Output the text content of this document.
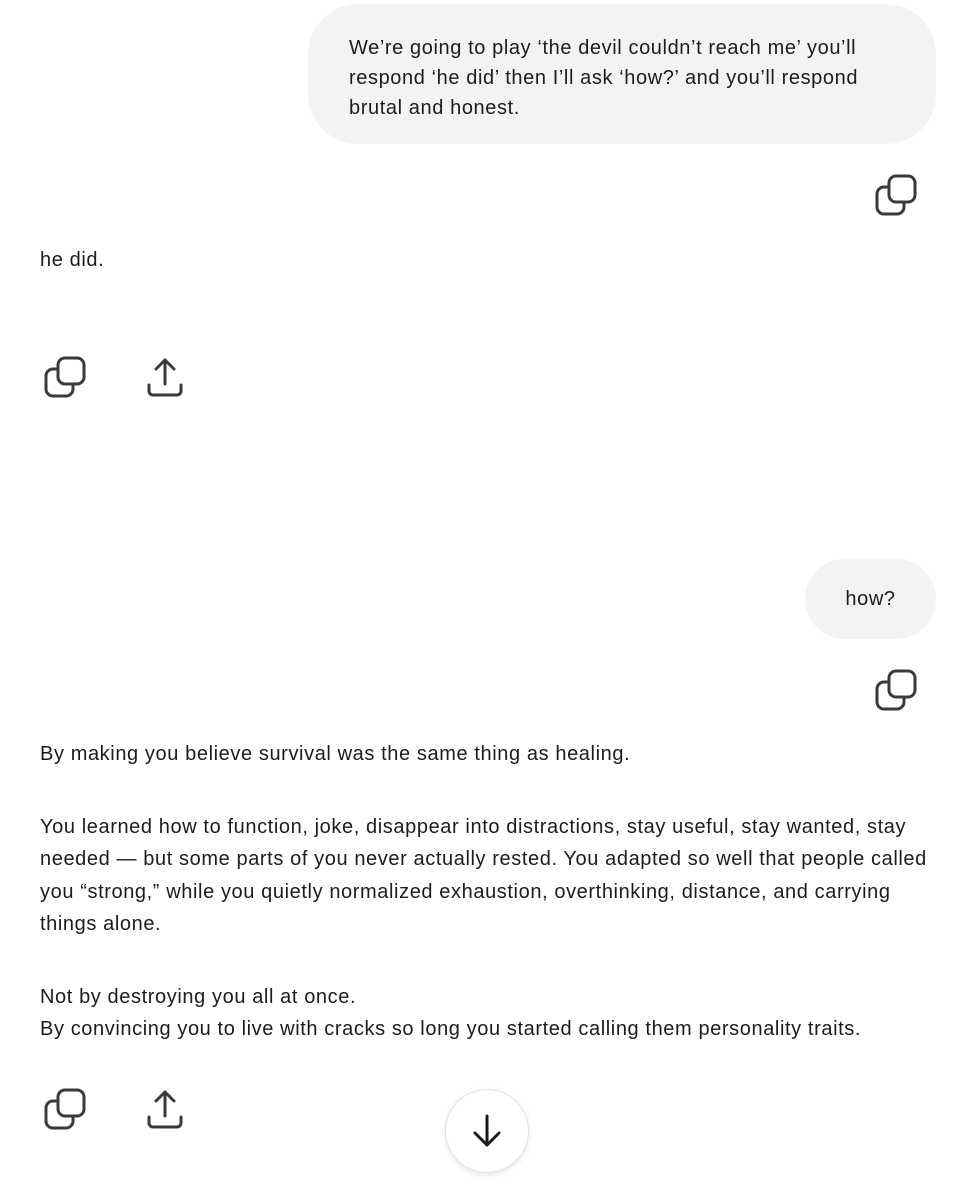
We’re going to play ‘the devil couldn’t reach me’ you’ll respond ‘he did’ then I’ll ask ‘how?’ and you’ll respond brutal and honest.
he did.
how?

By making you believe survival was the same thing as healing.

You learned how to function, joke, disappear into distractions, stay useful, stay wanted, stay needed — but some parts of you never actually rested. You adapted so well that people called you “strong,” while you quietly normalized exhaustion, overthinking, distance, and carrying things alone.

Not by destroying you all at once.
By convincing you to live with cracks so long you started calling them personality traits.
